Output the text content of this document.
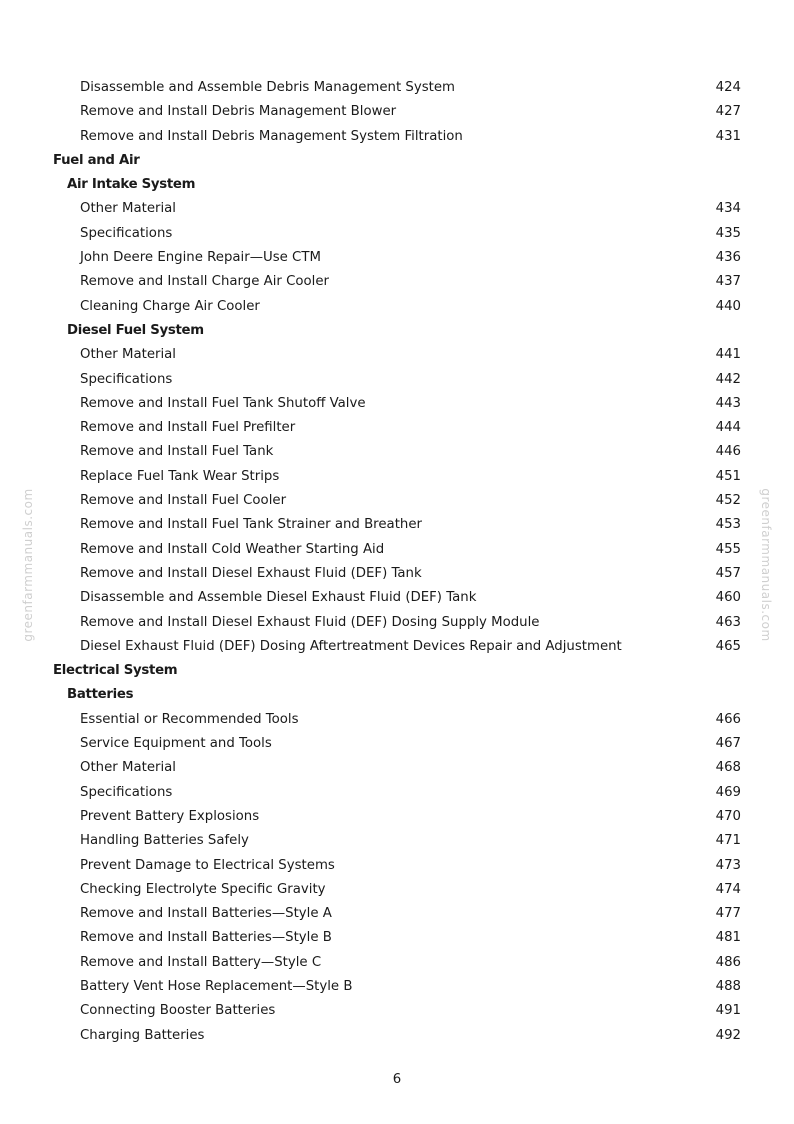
greenfarmmanuals.com	greenfarmmanuals.com
Disassemble and Assemble Debris Management System	424
Remove and Install Debris Management Blower	427
Remove and Install Debris Management System Filtration	431
Fuel and Air
Air Intake System
Other Material	434
Specifications	435
John Deere Engine Repair—Use CTM	436
Remove and Install Charge Air Cooler	437
Cleaning Charge Air Cooler	440
Diesel Fuel System
Other Material	441
Specifications	442
Remove and Install Fuel Tank Shutoff Valve	443
Remove and Install Fuel Prefilter	444
Remove and Install Fuel Tank	446
Replace Fuel Tank Wear Strips	451
Remove and Install Fuel Cooler	452
Remove and Install Fuel Tank Strainer and Breather	453
Remove and Install Cold Weather Starting Aid	455
Remove and Install Diesel Exhaust Fluid (DEF) Tank	457
Disassemble and Assemble Diesel Exhaust Fluid (DEF) Tank	460
Remove and Install Diesel Exhaust Fluid (DEF) Dosing Supply Module	463
Diesel Exhaust Fluid (DEF) Dosing Aftertreatment Devices Repair and Adjustment	465
Electrical System
Batteries
Essential or Recommended Tools	466
Service Equipment and Tools	467
Other Material	468
Specifications	469
Prevent Battery Explosions	470
Handling Batteries Safely	471
Prevent Damage to Electrical Systems	473
Checking Electrolyte Specific Gravity	474
Remove and Install Batteries—Style A	477
Remove and Install Batteries—Style B	481
Remove and Install Battery—Style C	486
Battery Vent Hose Replacement—Style B	488
Connecting Booster Batteries	491
Charging Batteries	492
6
